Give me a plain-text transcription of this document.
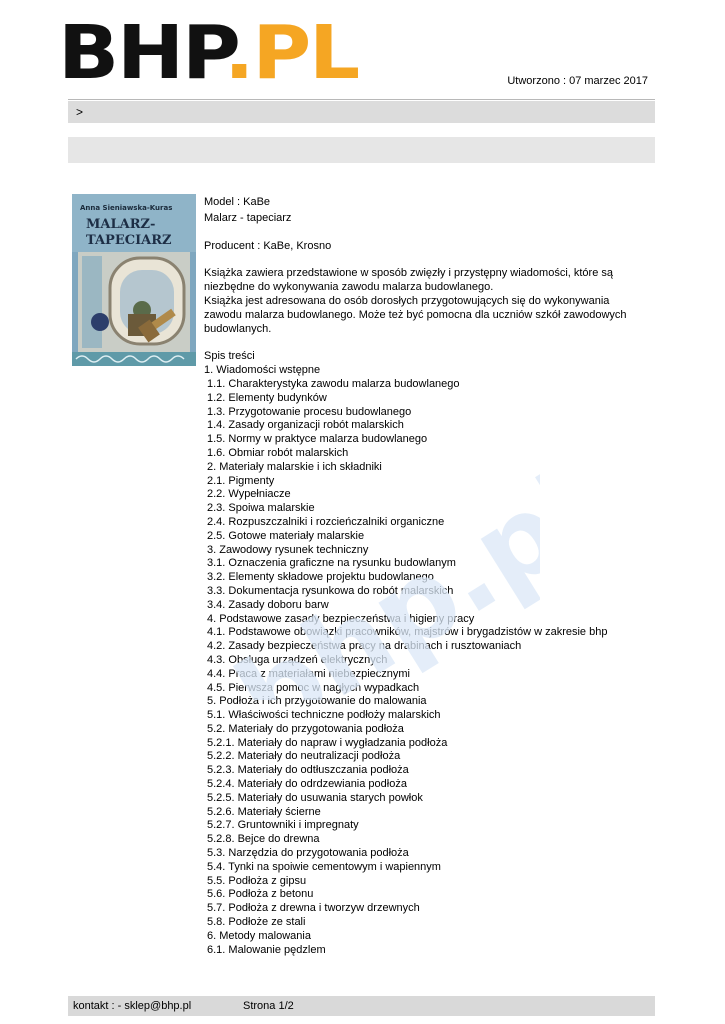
BHP .PL	Utworzono : 07 marzec 2017
>
Anna Sieniawska-Kuras
MALARZ-
TAPECIARZ

Model : KaBe

Malarz - tapeciarz

Producent : KaBe, Krosno

Książka zawiera przedstawione w sposób zwięzły i przystępny wiadomości, które są niezbędne do wykonywania zawodu malarza budowlanego.

Książka jest adresowana do osób dorosłych przygotowujących się do wykonywania zawodu malarza budowlanego. Może też być pomocna dla uczniów szkół zawodowych budowlanych.

Spis treści

1. Wiadomości wstępne
1.1. Charakterystyka zawodu malarza budowlanego
1.2. Elementy budynków
1.3. Przygotowanie procesu budowlanego
1.4. Zasady organizacji robót malarskich
1.5. Normy w praktyce malarza budowlanego
1.6. Obmiar robót malarskich
2. Materiały malarskie i ich składniki
2.1. Pigmenty
2.2. Wypełniacze
2.3. Spoiwa malarskie
2.4. Rozpuszczalniki i rozcieńczalniki organiczne
2.5. Gotowe materiały malarskie
3. Zawodowy rysunek techniczny
3.1. Oznaczenia graficzne na rysunku budowlanym
3.2. Elementy składowe projektu budowlanego
3.3. Dokumentacja rysunkowa do robót malarskich
3.4. Zasady doboru barw
4. Podstawowe zasady bezpieczeństwa i higieny pracy
4.1. Podstawowe obowiązki pracowników, majstrów i brygadzistów w zakresie bhp
4.2. Zasady bezpieczeństwa pracy na drabinach i rusztowaniach
4.3. Obsługa urządzeń elektrycznych
4.4. Praca z materiałami niebezpiecznymi
4.5. Pierwsza pomoc w nagłych wypadkach
5. Podłoża i ich przygotowanie do malowania
5.1. Właściwości techniczne podłoży malarskich
5.2. Materiały do przygotowania podłoża
5.2.1. Materiały do napraw i wygładzania podłoża
5.2.2. Materiały do neutralizacji podłoża
5.2.3. Materiały do odtłuszczania podłoża
5.2.4. Materiały do odrdzewiania podłoża
5.2.5. Materiały do usuwania starych powłok
5.2.6. Materiały ścierne
5.2.7. Gruntowniki i impregnaty
5.2.8. Bejce do drewna
5.3. Narzędzia do przygotowania podłoża
5.4. Tynki na spoiwie cementowym i wapiennym
5.5. Podłoża z gipsu
5.6. Podłoża z betonu
5.7. Podłoża z drewna i tworzyw drzewnych
5.8. Podłoże ze stali
6. Metody malowania
6.1. Malowanie pędzlem
bhp.pl
kontakt : - sklep@bhp.pl	Strona 1/2
